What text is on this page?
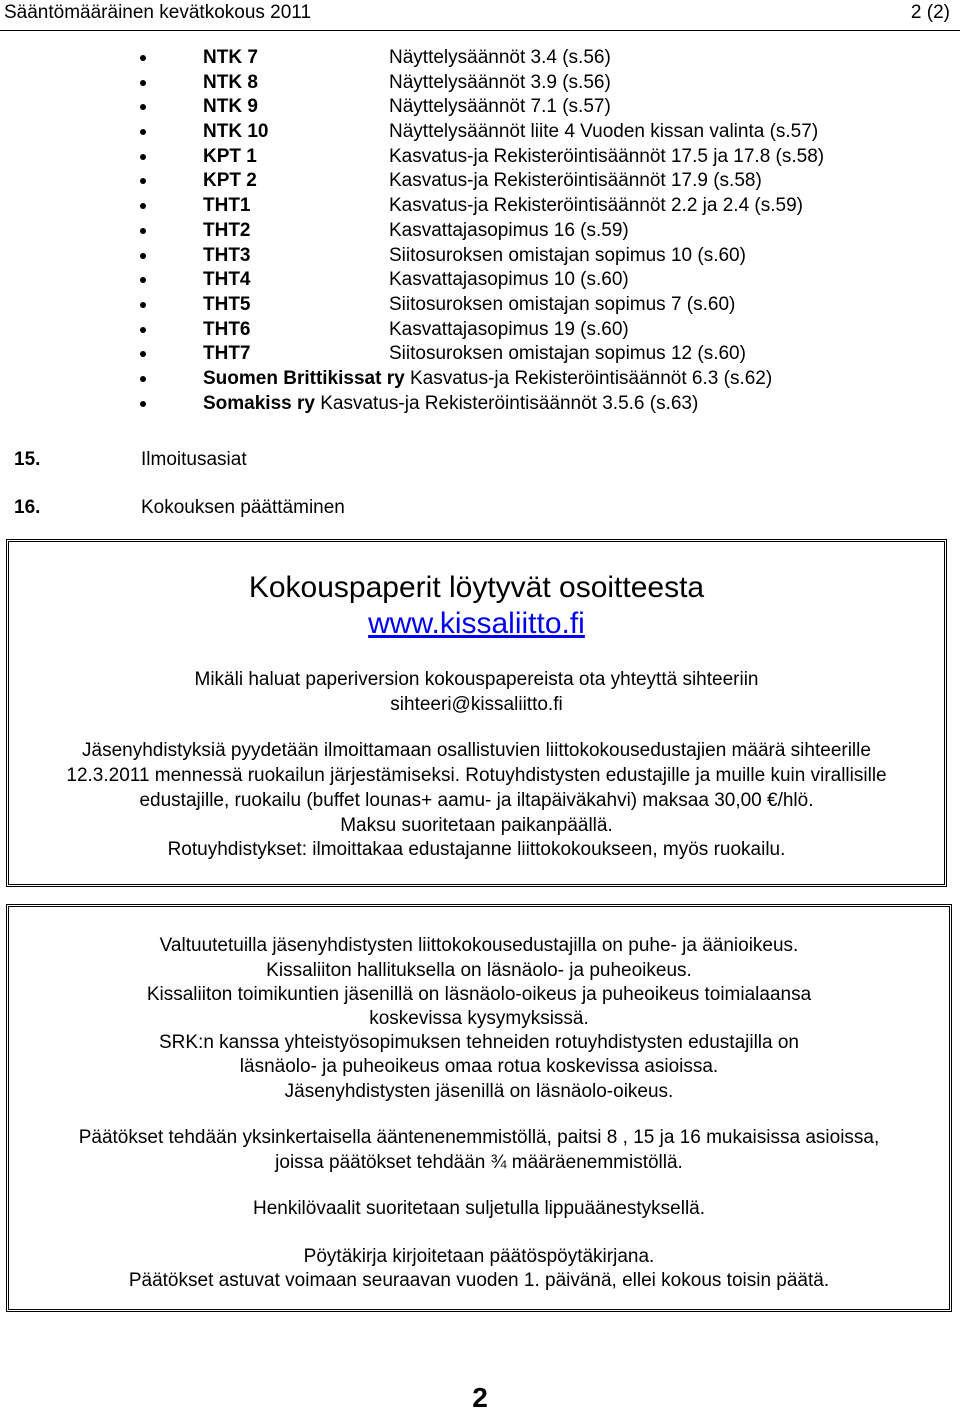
Sääntömääräinen kevätkokous 2011	2 (2)
NTK 7	Näyttelysäännöt 3.4 (s.56)
NTK 8	Näyttelysäännöt 3.9 (s.56)
NTK 9	Näyttelysäännöt 7.1 (s.57)
NTK 10	Näyttelysäännöt liite 4 Vuoden kissan valinta (s.57)
KPT 1	Kasvatus-ja Rekisteröintisäännöt 17.5 ja 17.8 (s.58)
KPT 2	Kasvatus-ja Rekisteröintisäännöt 17.9 (s.58)
THT1	Kasvatus-ja Rekisteröintisäännöt 2.2 ja 2.4 (s.59)
THT2	Kasvattajasopimus 16 (s.59)
THT3	Siitosuroksen omistajan sopimus 10 (s.60)
THT4	Kasvattajasopimus 10 (s.60)
THT5	Siitosuroksen omistajan sopimus 7 (s.60)
THT6	Kasvattajasopimus 19 (s.60)
THT7	Siitosuroksen omistajan sopimus 12 (s.60)
Suomen Brittikissat ry Kasvatus-ja Rekisteröintisäännöt 6.3 (s.62)
Somakiss ry Kasvatus-ja Rekisteröintisäännöt 3.5.6 (s.63)
15.	Ilmoitusasiat
16.	Kokouksen päättäminen
Kokouspaperit löytyvät osoitteesta
www.kissaliitto.fi
Mikäli haluat paperiversion kokouspapereista ota yhteyttä sihteeriin
sihteeri@kissaliitto.fi
Jäsenyhdistyksiä pyydetään ilmoittamaan osallistuvien liittokokousedustajien määrä sihteerille
12.3.2011 mennessä ruokailun järjestämiseksi. Rotuyhdistysten edustajille ja muille kuin virallisille
edustajille, ruokailu (buffet lounas+ aamu- ja iltapäiväkahvi) maksaa 30,00 €/hlö.
Maksu suoritetaan paikanpäällä.
Rotuyhdistykset: ilmoittakaa edustajanne liittokokoukseen, myös ruokailu.
Valtuutetuilla jäsenyhdistysten liittokokousedustajilla on puhe- ja äänioikeus.
Kissaliiton hallituksella on läsnäolo- ja puheoikeus.
Kissaliiton toimikuntien jäsenillä on läsnäolo-oikeus ja puheoikeus toimialaansa
koskevissa kysymyksissä.
SRK:n kanssa yhteistyösopimuksen tehneiden rotuyhdistysten edustajilla on
läsnäolo- ja puheoikeus omaa rotua koskevissa asioissa.
Jäsenyhdistysten jäsenillä on läsnäolo-oikeus.
Päätökset tehdään yksinkertaisella ääntenenemmistöllä, paitsi 8 , 15 ja 16 mukaisissa asioissa,
joissa päätökset tehdään ¾ määräenemmistöllä.
Henkilövaalit suoritetaan suljetulla lippuäänestyksellä.
Pöytäkirja kirjoitetaan päätöspöytäkirjana.
Päätökset astuvat voimaan seuraavan vuoden 1. päivänä, ellei kokous toisin päätä.
2
